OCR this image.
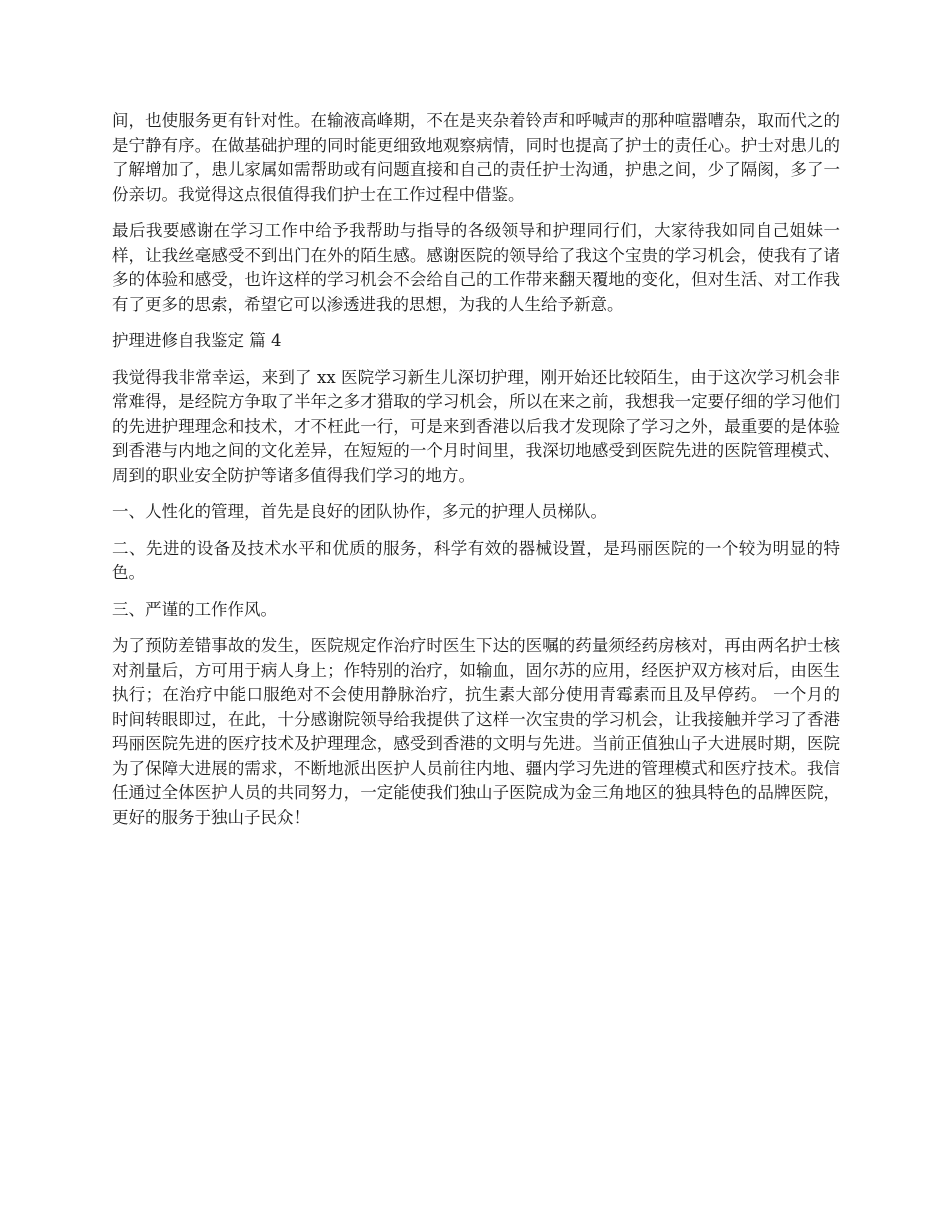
间，也使服务更有针对性。在输液高峰期，不在是夹杂着铃声和呼喊声的那种喧嚣嘈杂，取而代之的是宁静有序。在做基础护理的同时能更细致地观察病情，同时也提高了护士的责任心。护士对患儿的了解增加了，患儿家属如需帮助或有问题直接和自己的责任护士沟通，护患之间，少了隔阂，多了一份亲切。我觉得这点很值得我们护士在工作过程中借鉴。

最后我要感谢在学习工作中给予我帮助与指导的各级领导和护理同行们，大家待我如同自己姐妹一样，让我丝毫感受不到出门在外的陌生感。感谢医院的领导给了我这个宝贵的学习机会，使我有了诸多的体验和感受，也许这样的学习机会不会给自己的工作带来翻天覆地的变化，但对生活、对工作我有了更多的思索，希望它可以渗透进我的思想，为我的人生给予新意。

护理进修自我鉴定 篇 4

我觉得我非常幸运，来到了 xx 医院学习新生儿深切护理，刚开始还比较陌生，由于这次学习机会非常难得，是经院方争取了半年之多才猎取的学习机会，所以在来之前，我想我一定要仔细的学习他们的先进护理理念和技术，才不枉此一行，可是来到香港以后我才发现除了学习之外，最重要的是体验到香港与内地之间的文化差异，在短短的一个月时间里，我深切地感受到医院先进的医院管理模式、周到的职业安全防护等诸多值得我们学习的地方。

一、人性化的管理，首先是良好的团队协作，多元的护理人员梯队。

二、先进的设备及技术水平和优质的服务，科学有效的器械设置，是玛丽医院的一个较为明显的特色。

三、严谨的工作作风。

为了预防差错事故的发生，医院规定作治疗时医生下达的医嘱的药量须经药房核对，再由两名护士核对剂量后，方可用于病人身上；作特别的治疗，如输血，固尔苏的应用，经医护双方核对后，由医生执行；在治疗中能口服绝对不会使用静脉治疗，抗生素大部分使用青霉素而且及早停药。 一个月的时间转眼即过，在此，十分感谢院领导给我提供了这样一次宝贵的学习机会，让我接触并学习了香港玛丽医院先进的医疗技术及护理理念，感受到香港的文明与先进。当前正值独山子大进展时期，医院为了保障大进展的需求，不断地派出医护人员前往内地、疆内学习先进的管理模式和医疗技术。我信任通过全体医护人员的共同努力，一定能使我们独山子医院成为金三角地区的独具特色的品牌医院，更好的服务于独山子民众！
